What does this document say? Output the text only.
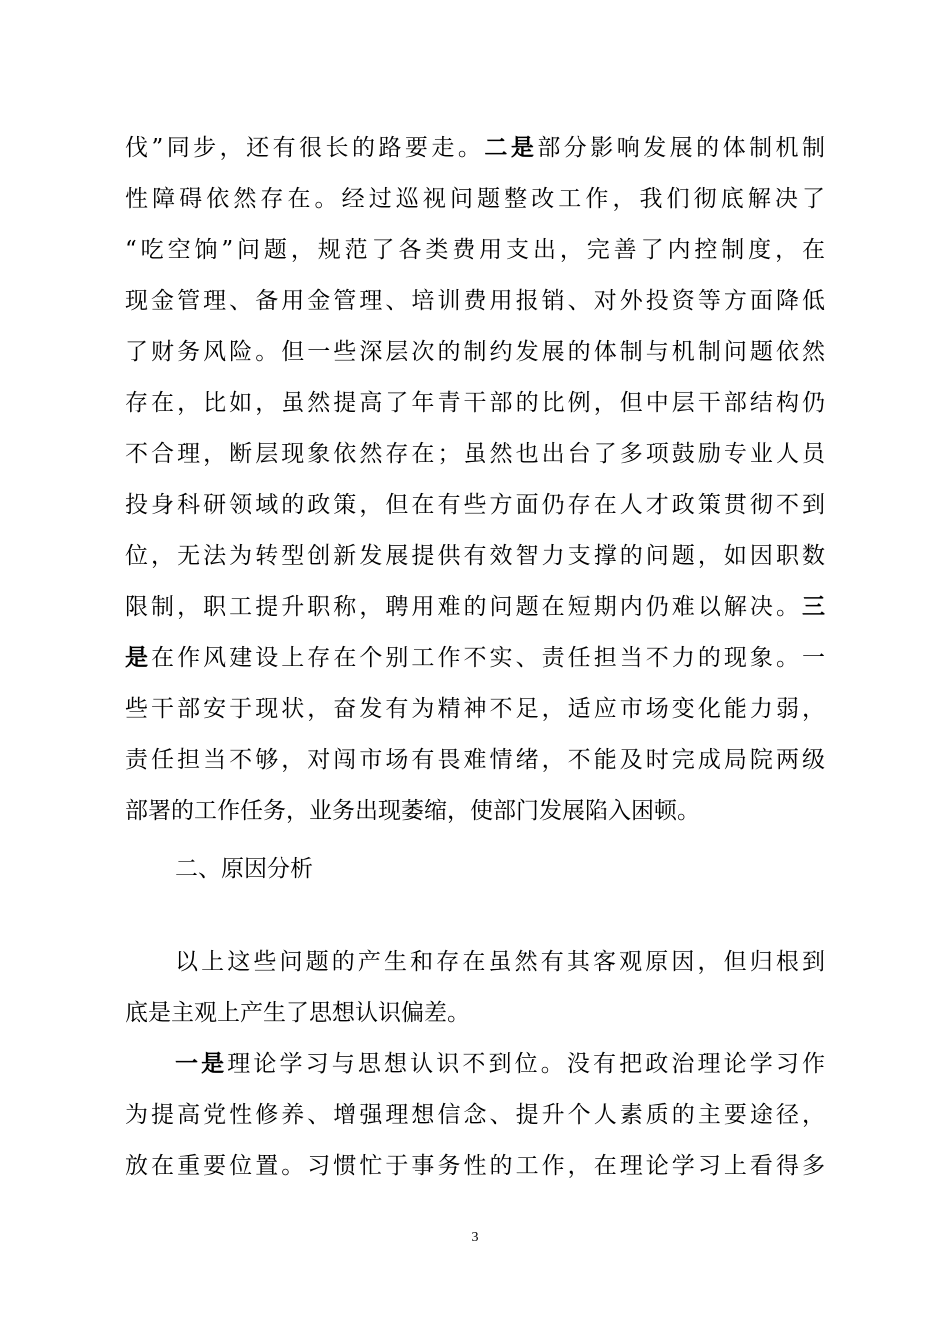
伐”同步，还有很长的路要走。二是部分影响发展的体制机制
性障碍依然存在。经过巡视问题整改工作，我们彻底解决了
“吃空饷”问题，规范了各类费用支出，完善了内控制度，在
现金管理、备用金管理、培训费用报销、对外投资等方面降低
了财务风险。但一些深层次的制约发展的体制与机制问题依然
存在，比如，虽然提高了年青干部的比例，但中层干部结构仍
不合理，断层现象依然存在；虽然也出台了多项鼓励专业人员
投身科研领域的政策，但在有些方面仍存在人才政策贯彻不到
位，无法为转型创新发展提供有效智力支撑的问题，如因职数
限制，职工提升职称，聘用难的问题在短期内仍难以解决。三
是在作风建设上存在个别工作不实、责任担当不力的现象。一
些干部安于现状，奋发有为精神不足，适应市场变化能力弱，
责任担当不够，对闯市场有畏难情绪，不能及时完成局院两级
部署的工作任务，业务出现萎缩，使部门发展陷入困顿。
二、原因分析
以上这些问题的产生和存在虽然有其客观原因，但归根到
底是主观上产生了思想认识偏差。
一是理论学习与思想认识不到位。没有把政治理论学习作
为提高党性修养、增强理想信念、提升个人素质的主要途径，
放在重要位置。习惯忙于事务性的工作，在理论学习上看得多
3
